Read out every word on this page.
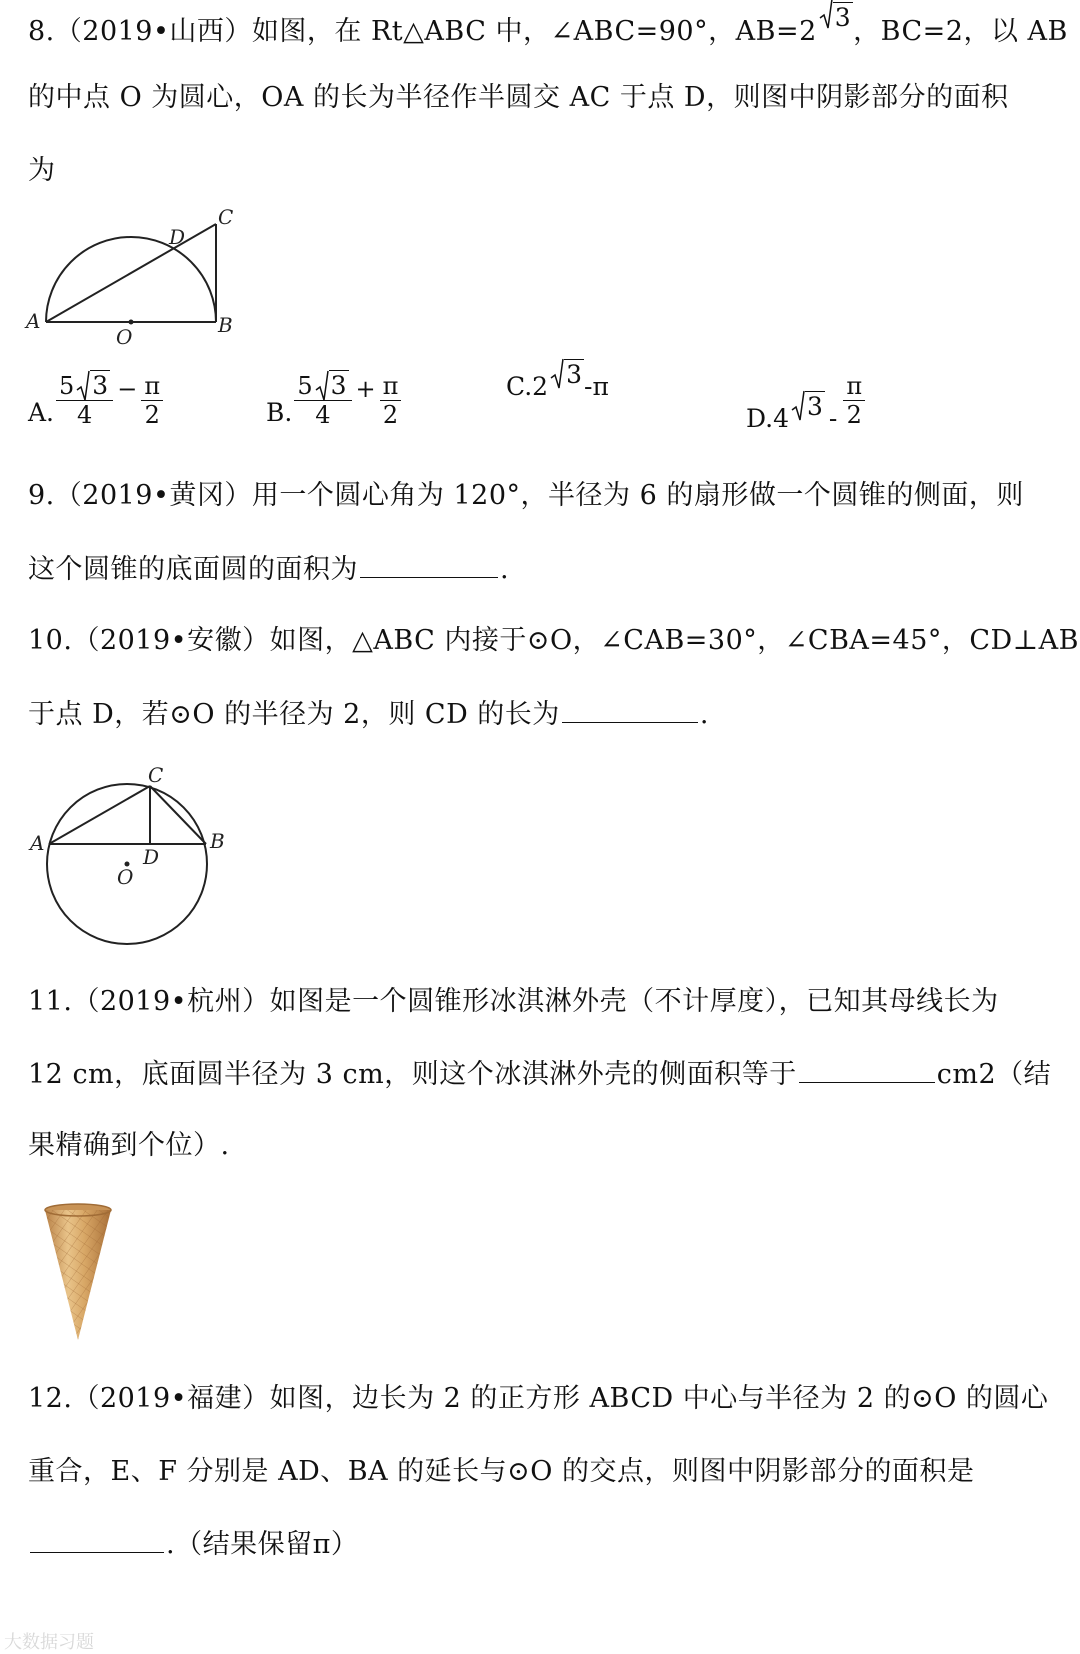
8.（2019•山西）如图，在 Rt△ABC 中，∠ABC=90°，AB=2 3，BC=2，以 AB
的中点 O 为圆心，OA 的长为半径作半圆交 AC 于点 D，则图中阴影部分的面积
为
A	B
C
D
O
A. $\frac{5 3}{4} - \frac{\pi}{2}$	B. $\frac{5 3}{4} + \frac{\pi}{2}$	C.2 3 -π
D.4 $3 - \frac{\pi}{2}$
9.（2019•黄冈）用一个圆心角为 120°，半径为 6 的扇形做一个圆锥的侧面，则
这个圆锥的底面圆的面积为	.
10.（2019•安徽）如图，△ABC 内接于⊙O，∠CAB=30°，∠CBA=45°，CD⊥AB
于点 D，若⊙O 的半径为 2，则 CD 的长为	.
A	B
C
D
O
11.（2019•杭州）如图是一个圆锥形冰淇淋外壳（不计厚度），已知其母线长为
12 cm，底面圆半径为 3 cm，则这个冰淇淋外壳的侧面积等于	cm2（结
果精确到个位）.
12.（2019•福建）如图，边长为 2 的正方形 ABCD 中心与半径为 2 的⊙O 的圆心
重合，E、F 分别是 AD、BA 的延长与⊙O 的交点，则图中阴影部分的面积是
.（结果保留π）
大数据习题
